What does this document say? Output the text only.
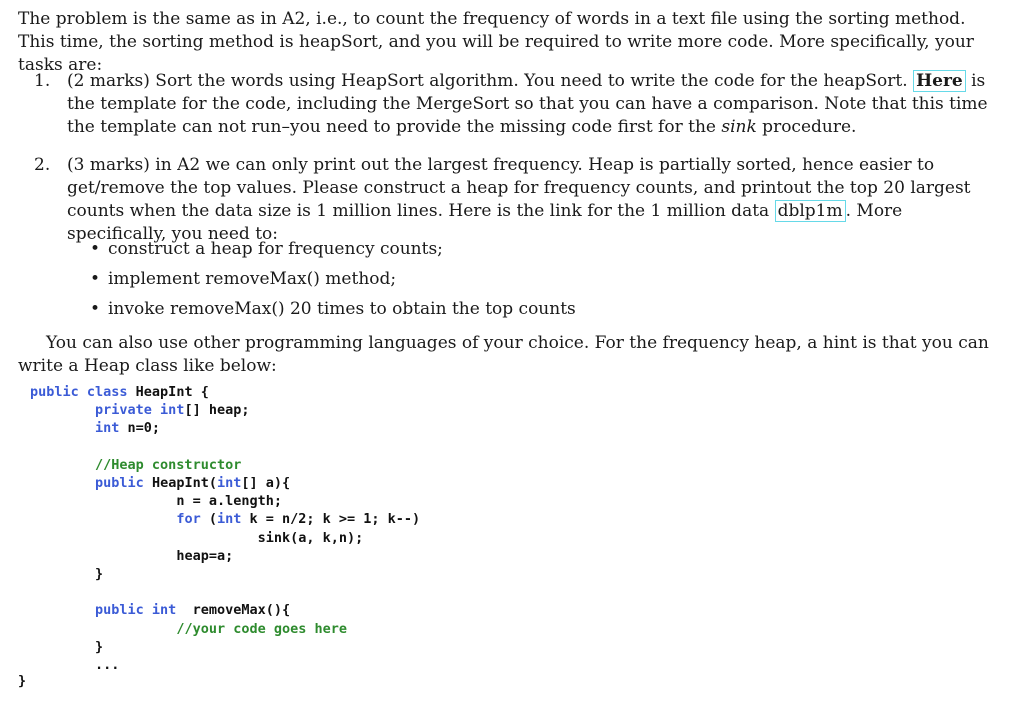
The problem is the same as in A2, i.e., to count the frequency of words in a text file using the sorting method. This time, the sorting method is heapSort, and you will be required to write more code. More specifically, your tasks are:
1. (2 marks) Sort the words using HeapSort algorithm. You need to write the code for the heapSort. Here is the template for the code, including the MergeSort so that you can have a comparison. Note that this time the template can not run–you need to provide the missing code first for the sink procedure.
2. (3 marks) in A2 we can only print out the largest frequency. Heap is partially sorted, hence easier to get/remove the top values. Please construct a heap for frequency counts, and printout the top 20 largest counts when the data size is 1 million lines. Here is the link for the 1 million data dblp1m . More specifically, you need to:
• construct a heap for frequency counts;
• implement removeMax() method;
• invoke removeMax() 20 times to obtain the top counts
You can also use other programming languages of your choice. For the frequency heap, a hint is that you can write a Heap class like below:
public class HeapInt {
private int[] heap;
int n=0;

//Heap constructor
public HeapInt(int[] a){
n = a.length;
for (int k = n/2; k >= 1; k--)
sink(a, k,n);
heap=a;
}

public int  removeMax(){
//your code goes here
}
...

}
